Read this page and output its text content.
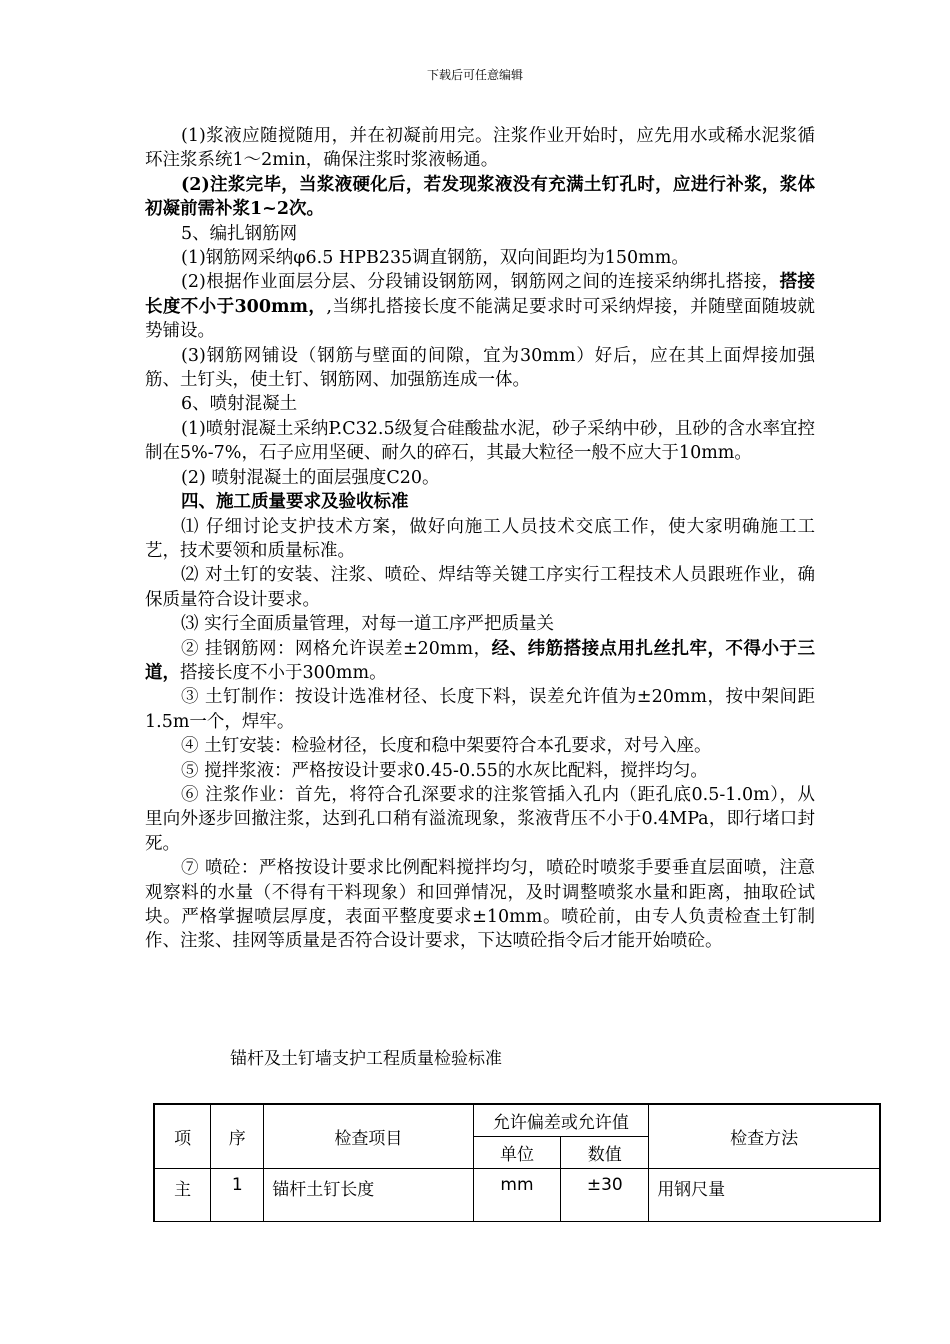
下载后可任意编辑

(1)浆液应随搅随用，并在初凝前用完。注浆作业开始时，应先用水或稀水泥浆循环注浆系统1～2min，确保注浆时浆液畅通。

(2)注浆完毕，当浆液硬化后，若发现浆液没有充满土钉孔时，应进行补浆，浆体初凝前需补浆1~2次。

5、编扎钢筋网

(1)钢筋网采纳φ6.5 HPB235调直钢筋，双向间距均为150mm。

(2)根据作业面层分层、分段铺设钢筋网，钢筋网之间的连接采纳绑扎搭接，搭接长度不小于300mm，,当绑扎搭接长度不能满足要求时可采纳焊接，并随壁面随坡就势铺设。

(3)钢筋网铺设（钢筋与壁面的间隙，宜为30mm）好后，应在其上面焊接加强筋、土钉头，使土钉、钢筋网、加强筋连成一体。

6、喷射混凝土

(1)喷射混凝土采纳P.C32.5级复合硅酸盐水泥，砂子采纳中砂，且砂的含水率宜控制在5%-7%，石子应用坚硬、耐久的碎石，其最大粒径一般不应大于10mm。

(2) 喷射混凝土的面层强度C20。

四、施工质量要求及验收标准

⑴ 仔细讨论支护技术方案，做好向施工人员技术交底工作，使大家明确施工工艺，技术要领和质量标准。

⑵ 对土钉的安装、注浆、喷砼、焊结等关键工序实行工程技术人员跟班作业，确保质量符合设计要求。

⑶ 实行全面质量管理，对每一道工序严把质量关

② 挂钢筋网：网格允许误差±20mm，经、纬筋搭接点用扎丝扎牢，不得小于三道，搭接长度不小于300mm。

③ 土钉制作：按设计选准材径、长度下料，误差允许值为±20mm，按中架间距1.5m一个，焊牢。

④ 土钉安装：检验材径，长度和稳中架要符合本孔要求，对号入座。

⑤ 搅拌浆液：严格按设计要求0.45-0.55的水灰比配料，搅拌均匀。

⑥ 注浆作业：首先，将符合孔深要求的注浆管插入孔内（距孔底0.5-1.0m），从里向外逐步回撤注浆，达到孔口稍有溢流现象，浆液背压不小于0.4MPa，即行堵口封死。

⑦ 喷砼：严格按设计要求比例配料搅拌均匀，喷砼时喷浆手要垂直层面喷，注意观察料的水量（不得有干料现象）和回弹情况，及时调整喷浆水量和距离，抽取砼试块。严格掌握喷层厚度，表面平整度要求±10mm。喷砼前，由专人负责检查土钉制作、注浆、挂网等质量是否符合设计要求，下达喷砼指令后才能开始喷砼。

锚杆及土钉墙支护工程质量检验标准
项	序	检查项目	允许偏差或允许值		检查方法
			单位	数值	
主	1	锚杆土钉长度	mm	±30	用钢尺量
